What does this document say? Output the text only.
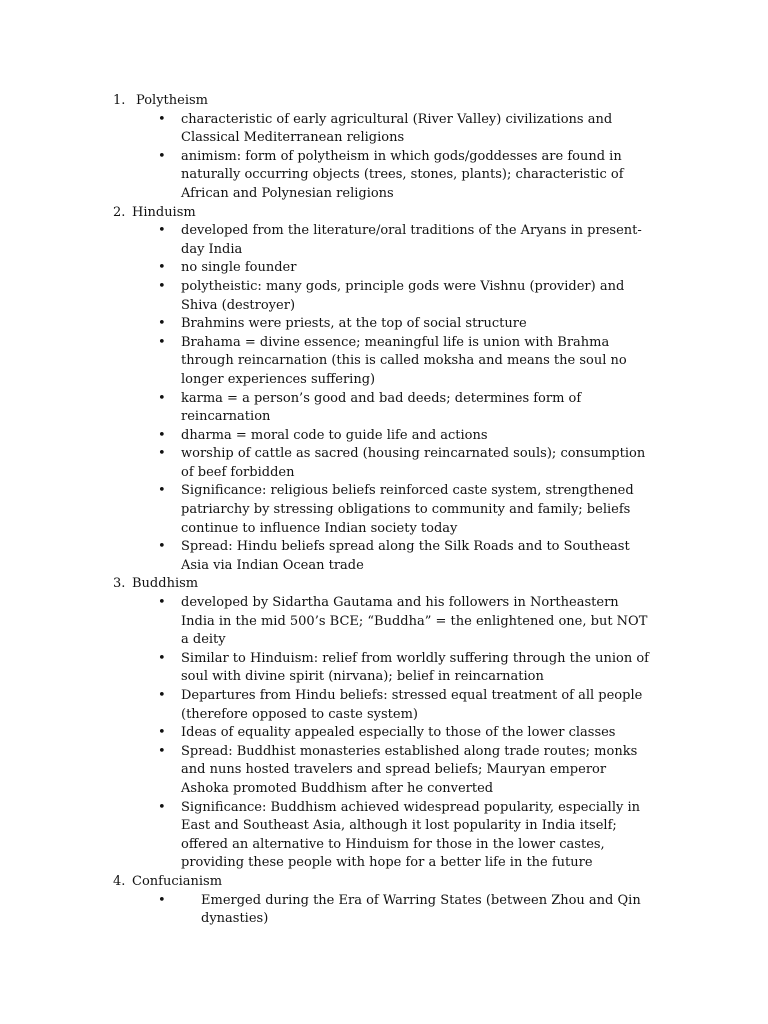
1. Polytheism
• characteristic of early agricultural (River Valley) civilizations and Classical Mediterranean religions
• animism: form of polytheism in which gods/goddesses are found in naturally occurring objects (trees, stones, plants); characteristic of African and Polynesian religions
2. Hinduism
• developed from the literature/oral traditions of the Aryans in present-day India
• no single founder
• polytheistic: many gods, principle gods were Vishnu (provider) and Shiva (destroyer)
• Brahmins were priests, at the top of social structure
• Brahama = divine essence; meaningful life is union with Brahma through reincarnation (this is called moksha and means the soul no longer experiences suffering)
• karma = a person’s good and bad deeds; determines form of reincarnation
• dharma = moral code to guide life and actions
• worship of cattle as sacred (housing reincarnated souls); consumption of beef forbidden
• Significance: religious beliefs reinforced caste system, strengthened patriarchy by stressing obligations to community and family; beliefs continue to influence Indian society today
• Spread: Hindu beliefs spread along the Silk Roads and to Southeast Asia via Indian Ocean trade
3. Buddhism
• developed by Sidartha Gautama and his followers in Northeastern India in the mid 500’s BCE; “Buddha” = the enlightened one, but NOT a deity
• Similar to Hinduism: relief from worldly suffering through the union of soul with divine spirit (nirvana); belief in reincarnation
• Departures from Hindu beliefs: stressed equal treatment of all people (therefore opposed to caste system)
• Ideas of equality appealed especially to those of the lower classes
• Spread: Buddhist monasteries established along trade routes; monks and nuns hosted travelers and spread beliefs; Mauryan emperor Ashoka promoted Buddhism after he converted
• Significance: Buddhism achieved widespread popularity, especially in East and Southeast Asia, although it lost popularity in India itself; offered an alternative to Hinduism for those in the lower castes, providing these people with hope for a better life in the future
4. Confucianism
•	Emerged during the Era of Warring States (between Zhou and Qin dynasties)
